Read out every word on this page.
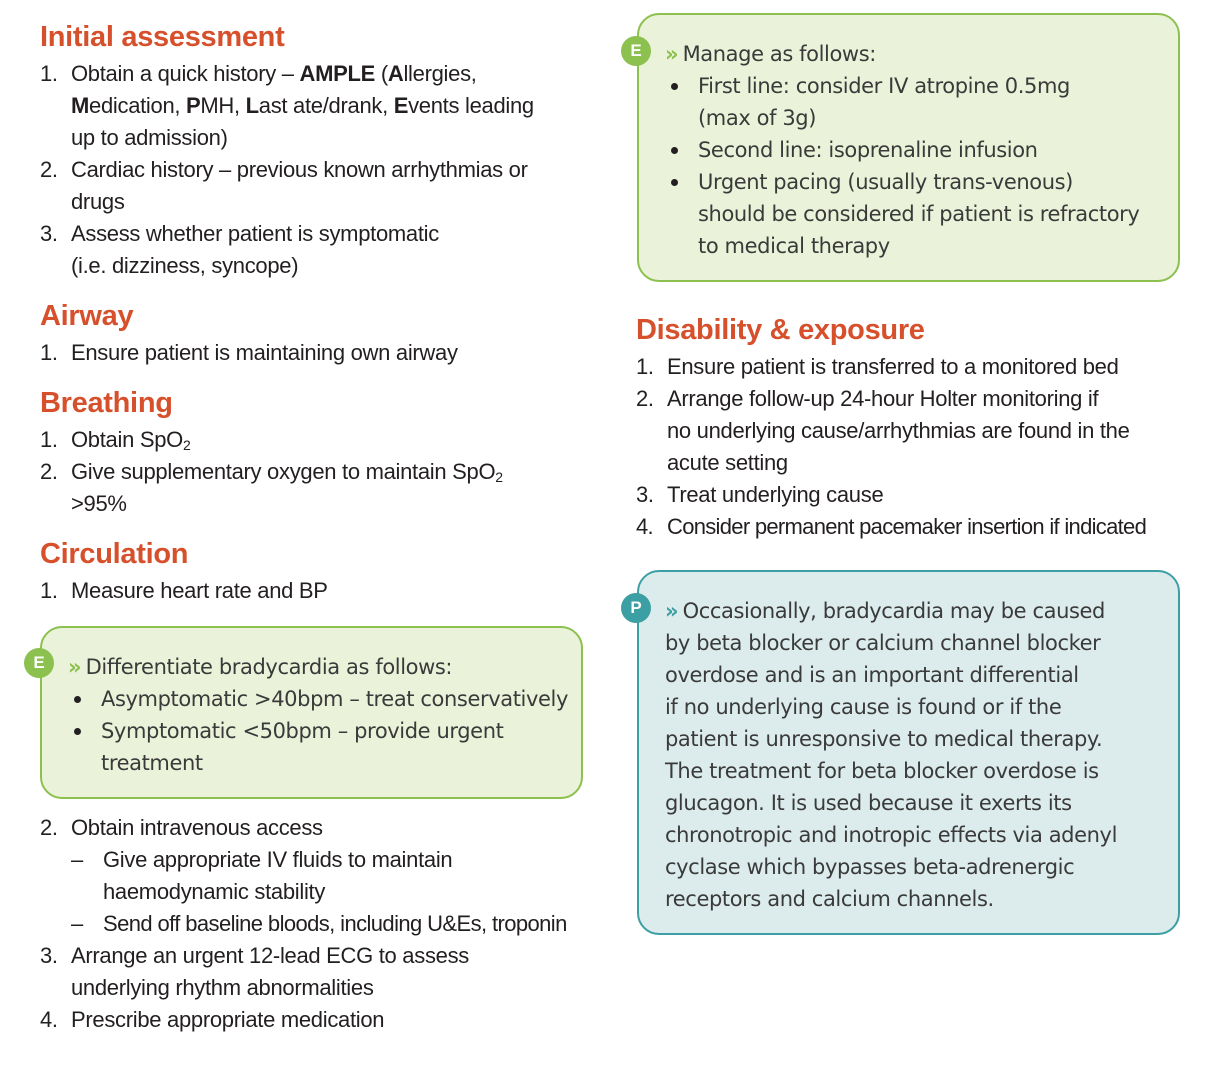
Initial assessment
1. Obtain a quick history – AMPLE (Allergies,
Medication, PMH, Last ate/drank, Events leading
up to admission)
2. Cardiac history – previous known arrhythmias or
drugs
3. Assess whether patient is symptomatic
(i.e. dizziness, syncope)
Airway
1. Ensure patient is maintaining own airway
Breathing
1. Obtain SpO$_2$
2. Give supplementary oxygen to maintain SpO$_2$
>95%
Circulation
1. Measure heart rate and BP
2. Obtain intravenous access
– Give appropriate IV fluids to maintain
haemodynamic stability
– Send off baseline bloods, including U&Es, troponin
3. Arrange an urgent 12-lead ECG to assess
underlying rhythm abnormalities
4. Prescribe appropriate medication
» Differentiate bradycardia as follows:
Asymptomatic >40bpm – treat conservatively
Symptomatic <50bpm – provide urgent
treatment
E
» Manage as follows:
First line: consider IV atropine 0.5mg
(max of 3g)
Second line: isoprenaline infusion
Urgent pacing (usually trans-venous)
should be considered if patient is refractory
to medical therapy
E
Disability & exposure
1. Ensure patient is transferred to a monitored bed
2. Arrange follow-up 24-hour Holter monitoring if
no underlying cause/arrhythmias are found in the
acute setting
3. Treat underlying cause
4. Consider permanent pacemaker insertion if indicated
» Occasionally, bradycardia may be caused
by beta blocker or calcium channel blocker
overdose and is an important differential
if no underlying cause is found or if the
patient is unresponsive to medical therapy.
The treatment for beta blocker overdose is
glucagon. It is used because it exerts its
chronotropic and inotropic effects via adenyl
cyclase which bypasses beta-adrenergic
receptors and calcium channels.
P
